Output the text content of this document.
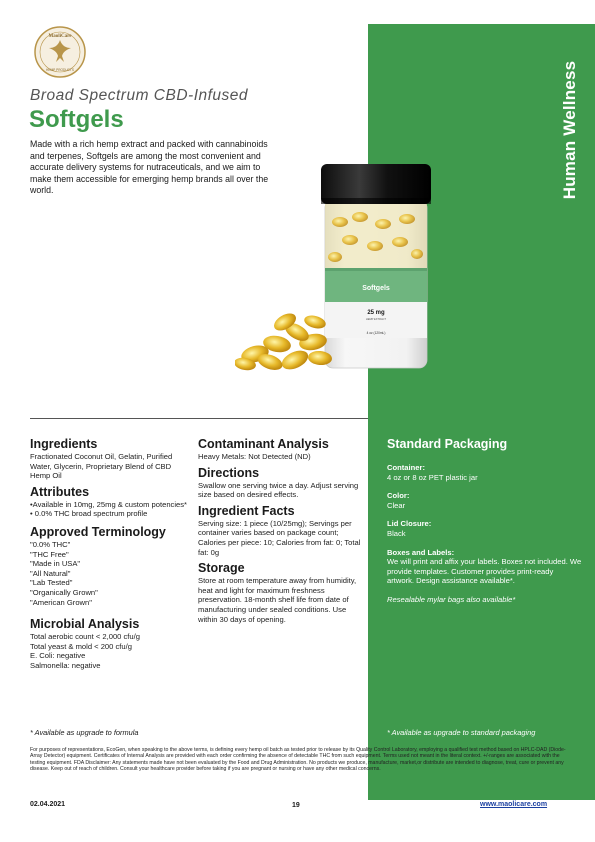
Human Wellness
MaoliCare
HEMP PRODUCTS
Broad Spectrum CBD-Infused
Softgels
Made with a rich hemp extract and packed with cannabinoids and terpenes, Softgels are among the most convenient and accurate delivery systems for nutraceuticals, and we aim to make them accessible for emerging hemp brands all over the world.
Softgels
25 mg
HEMP EXTRACT
4 oz (120mL)
Ingredients
Fractionated Coconut Oil, Gelatin, Purified Water, Glycerin, Proprietary Blend of CBD Hemp Oil
Attributes
•Available in 10mg, 25mg & custom potencies*
• 0.0% THC broad spectrum profile
Approved Terminology
"0.0% THC"
"THC Free"
"Made in USA"
"All Natural"
"Lab Tested"
"Organically Grown"
"American Grown"
Microbial Analysis
Total aerobic count < 2,000 cfu/g
Total yeast & mold < 200 cfu/g
E. Coli: negative
Salmonella: negative
Contaminant Analysis
Heavy Metals: Not Detected (ND)
Directions
Swallow one serving twice a day. Adjust serving size based on desired effects.
Ingredient Facts
Serving size: 1 piece (10/25mg); Servings per container varies based on package count; Calories per piece: 10; Calories from fat: 0; Total fat: 0g
Storage
Store at room temperature away from humidity, heat and light for maximum freshness preservation. 18-month shelf life from date of manufacturing under sealed conditions. Use within 30 days of opening.
Standard Packaging
Container:
4 oz or 8 oz PET plastic jar
Color:
Clear
Lid Closure:
Black
Boxes and Labels:
We will print and affix your labels. Boxes not included. We provide templates. Customer provides print-ready artwork. Design assistance available*.
Resealable mylar bags also available*
* Available as upgrade to formula	* Available as upgrade to standard packaging
For purposes of representations, EcoGen, when speaking to the above terms, is defining every hemp oil batch as tested prior to release by its Quality Control Laboratory, employing a qualified test method based on HPLC-DAD (Diode-Array Detector) equipment. Certificates of Internal Analysis are provided with each order confirming the absence of detectable THC from such equipment. Terms used not meant in the literal context. +/-ranges are associated with the testing equipment. FDA Disclaimer: Any statements made have not been evaluated by the Food and Drug Administration. No products we produce, manufacture, market,or distribute are intended to diagnose, treat, cure or prevent any disease. Keep out of reach of children. Consult your healthcare provider before taking if you are pregnant or nursing or have any other medical concerns.
02.04.2021	19	www.maolicare.com
